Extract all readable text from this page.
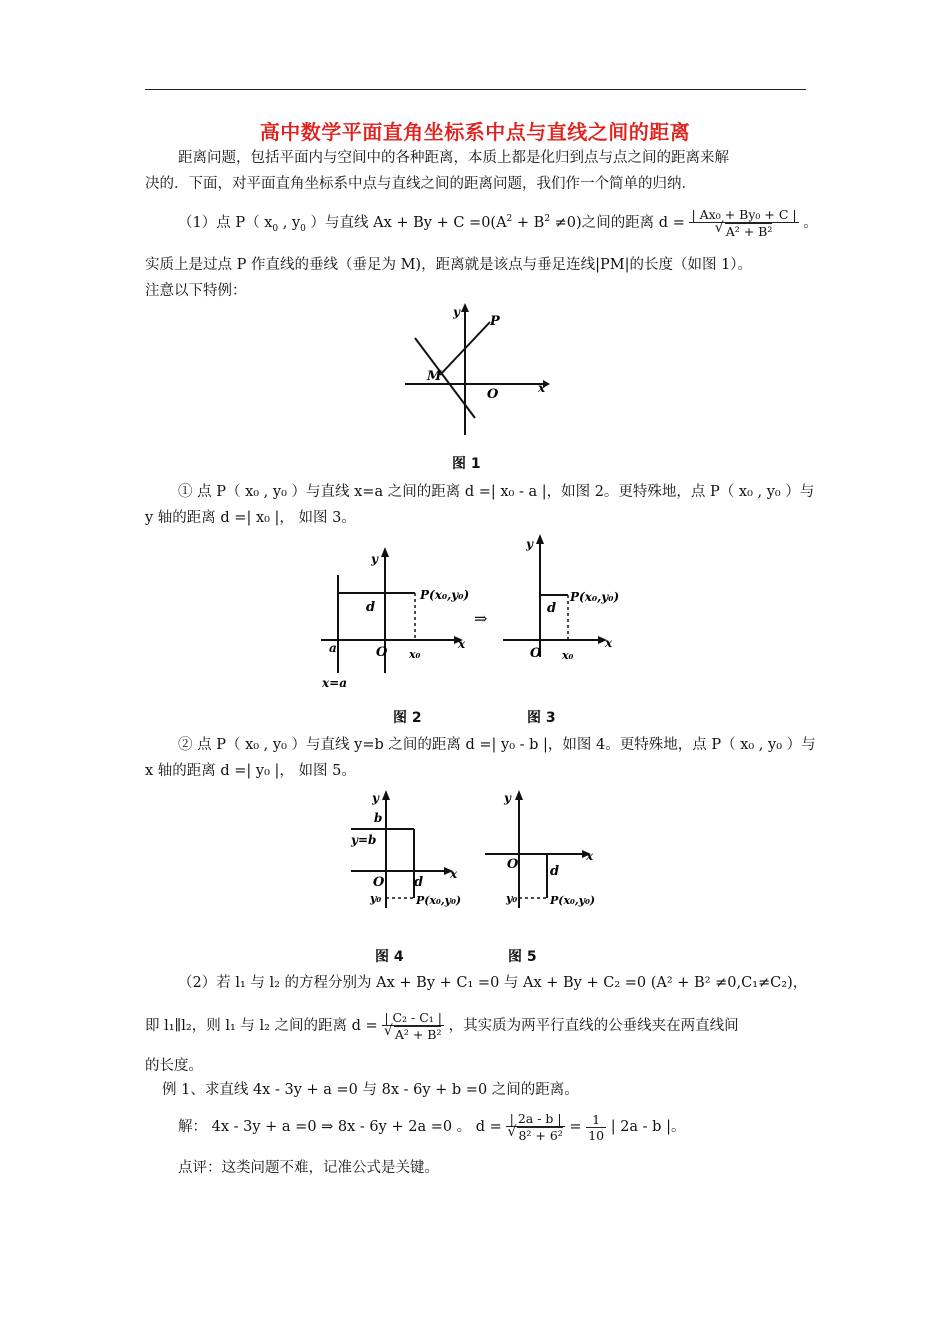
高中数学平面直角坐标系中点与直线之间的距离
距离问题，包括平面内与空间中的各种距离，本质上都是化归到点与点之间的距离来解
决的．下面，对平面直角坐标系中点与直线之间的距离问题，我们作一个简单的归纳．
（1）点 P（ $x_0$ , $y_0$ ）与直线 $Ax + By + C =0(A^2 + B^2 \ne 0)$之间的距离 d = | Ax₀ + By₀ + C |
√ A² + B² 。
实质上是过点 P 作直线的垂线（垂足为 M)，距离就是该点与垂足连线|PM|的长度（如图 1）。
注意以下特例：
y
P
M
x
O
图 1
① 点 P（ x₀ , y₀ ）与直线 x=a 之间的距离 d =| x₀ - a |，如图 2。更特殊地，点 P（ x₀ , y₀ ）与
y 轴的距离 d =| x₀ |， 如图 3。
y
P(x₀,y₀)
d
x
a	O x₀
x=a
⇒
y
P(x₀,y₀)
d
x
O x₀
图 2	图 3
② 点 P（ x₀ , y₀ ）与直线 y=b 之间的距离 d =| y₀ - b |，如图 4。更特殊地，点 P（ x₀ , y₀ ）与
x 轴的距离 d =| y₀ |， 如图 5。
y
b
y=b
x
O d
y₀	P(x₀,y₀)
y
x
O d
y₀	P(x₀,y₀)
图 4	图 5
（2）若 l₁ 与 l₂ 的方程分别为 Ax + By + C₁ =0 与 Ax + By + C₂ =0 (A² + B² ≠0,C₁≠C₂)，
即 l₁∥l₂，则 l₁ 与 l₂ 之间的距离 d = | C₂ - C₁ |
√ A² + B² ，其实质为两平行直线的公垂线夹在两直线间
的长度。
例 1、求直线 4x - 3y + a =0 与 8x - 6y + b =0 之间的距离。
解： 4x - 3y + a =0 ⇒ 8x - 6y + 2a =0 。 d = | 2a - b |
√ $8^2 + 6^2 = \frac{1}{10}$ | 2a - b |。
点评：这类问题不难，记准公式是关键。
